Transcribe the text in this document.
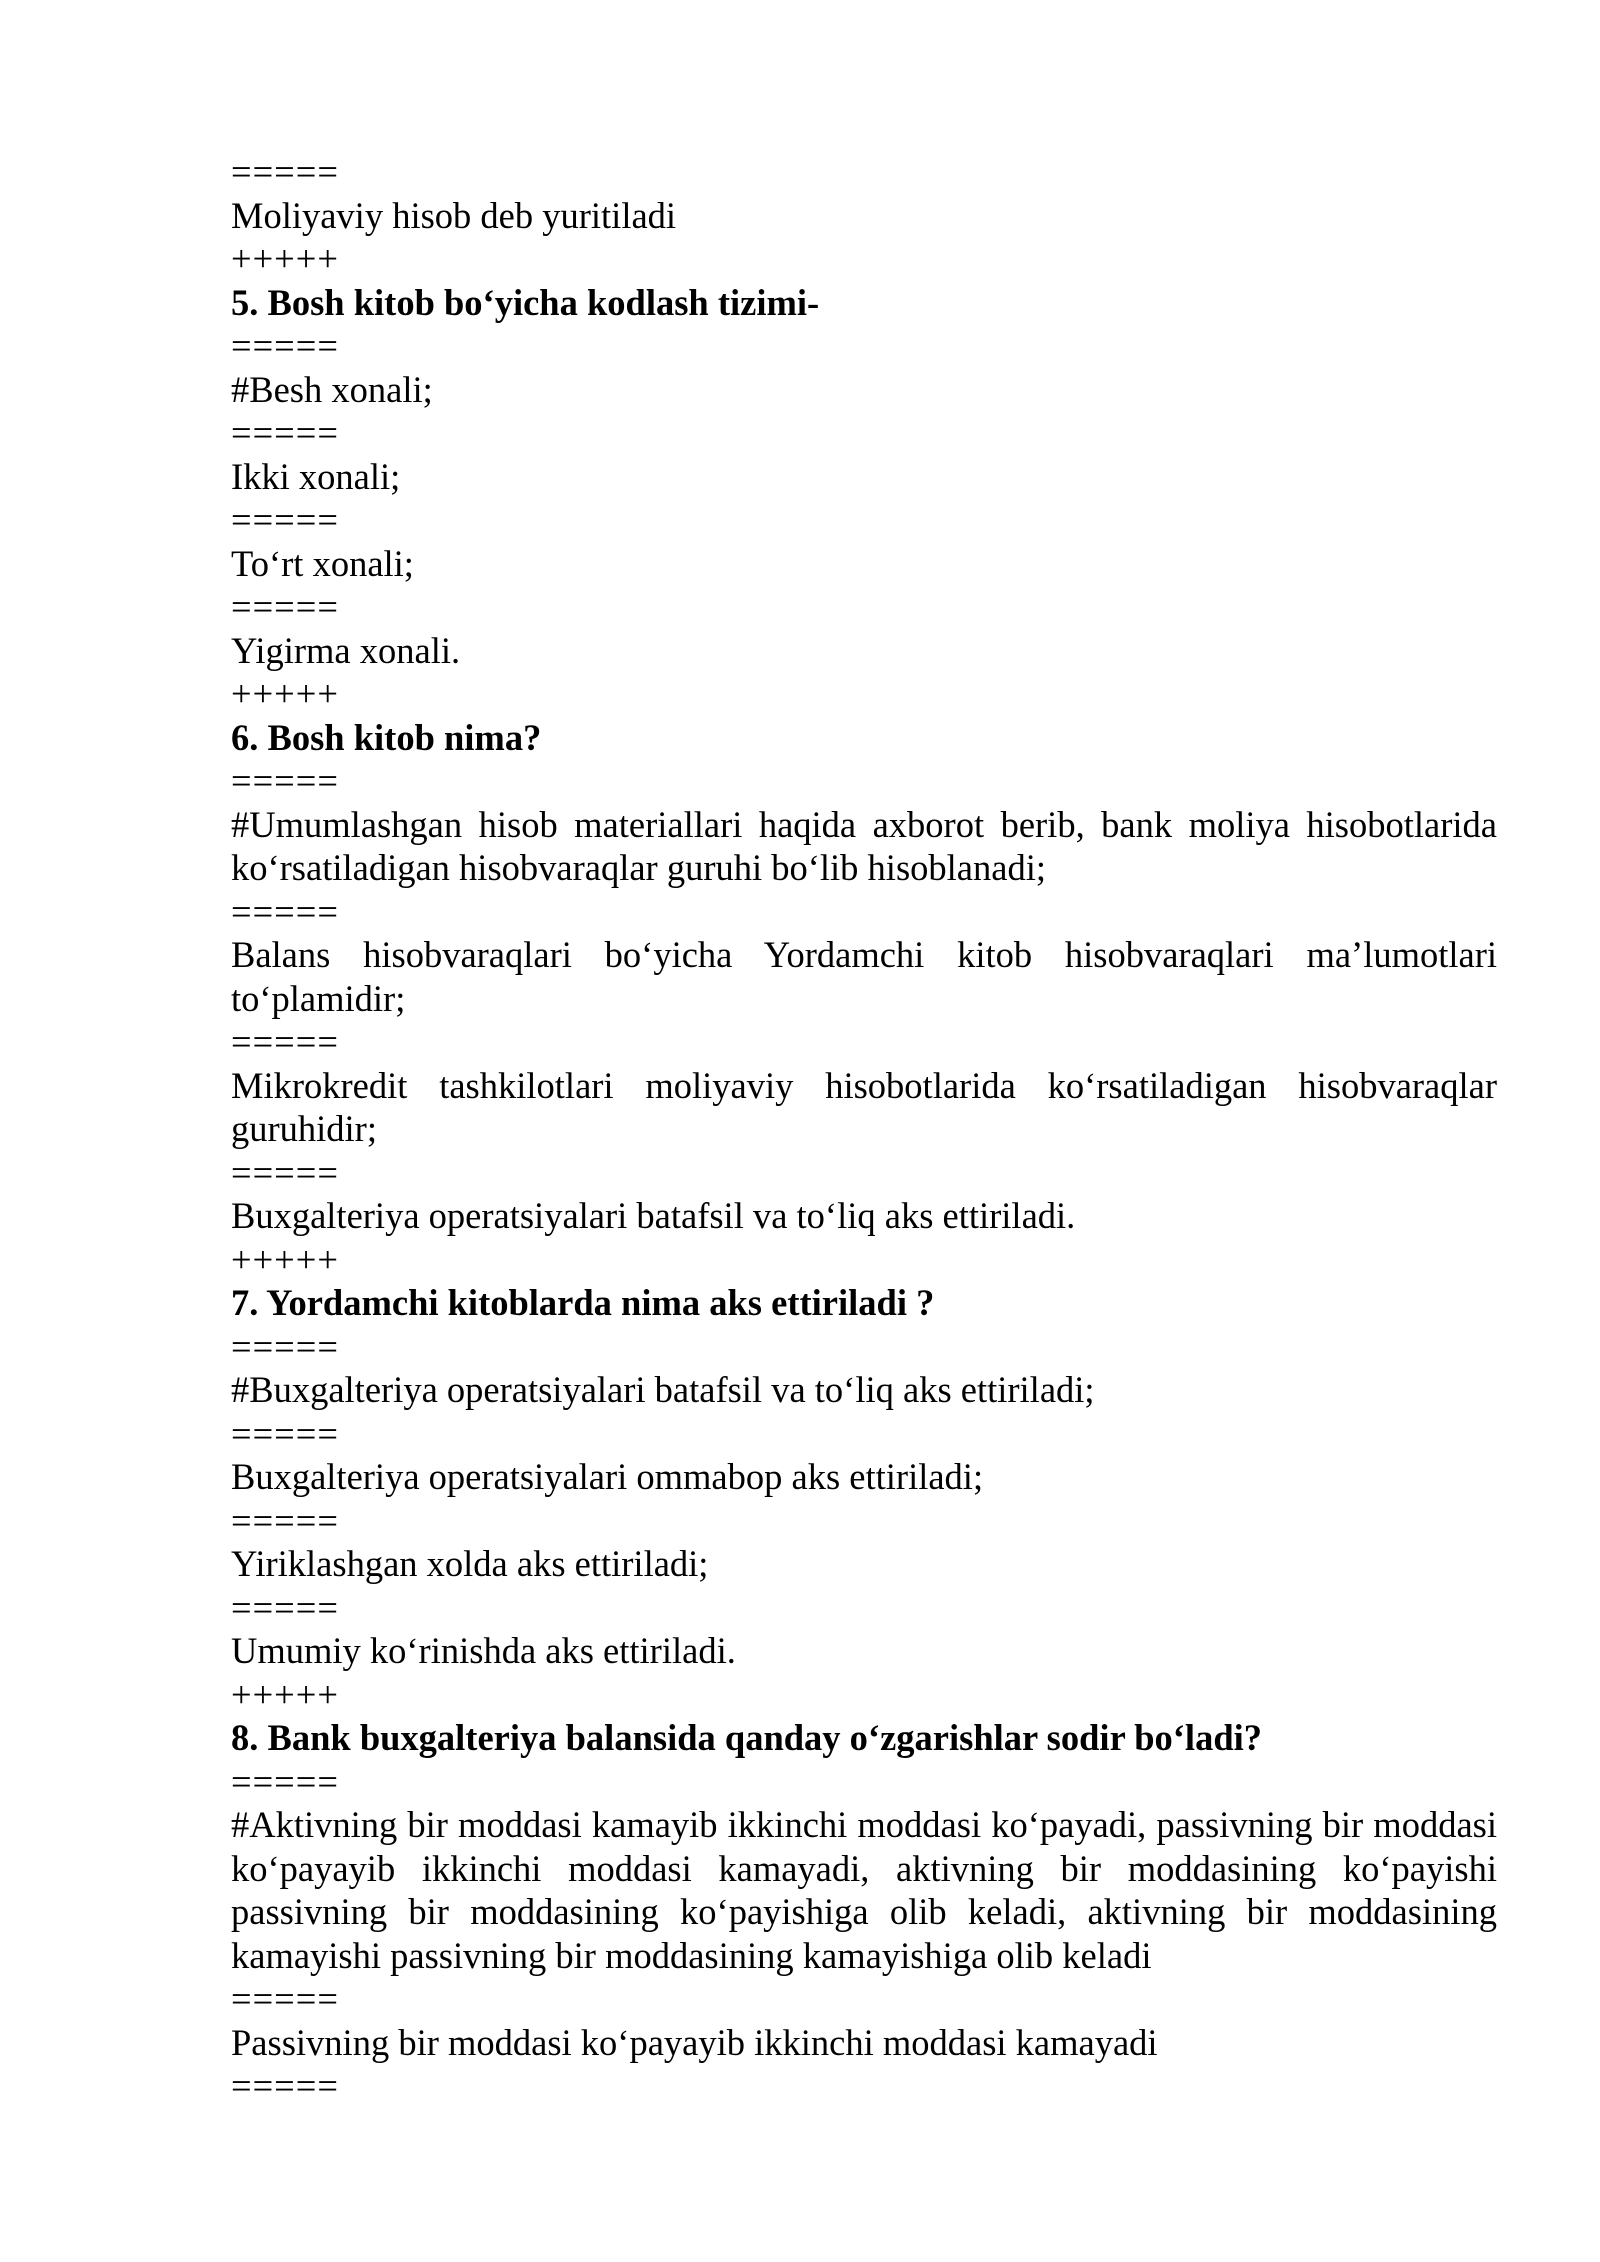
=====
Moliyaviy hisob deb yuritiladi
+++++
5. Bosh kitob bo‘yicha kodlash tizimi-
=====
#Besh xonali;
=====
Ikki xonali;
=====
To‘rt xonali;
=====
Yigirma xonali.
+++++
6. Bosh kitob nima?
=====
#Umumlashgan hisob materiallari haqida axborot berib, bank moliya hisobotlarida ko‘rsatiladigan hisobvaraqlar guruhi bo‘lib hisoblanadi;
=====
Balans hisobvaraqlari bo‘yicha Yordamchi kitob hisobvaraqlari ma’lumotlari to‘plamidir;
=====
Mikrokredit tashkilotlari moliyaviy hisobotlarida ko‘rsatiladigan hisobvaraqlar guruhidir;
=====
Buxgalteriya operatsiyalari batafsil va to‘liq aks ettiriladi.
+++++
7. Yordamchi kitoblarda nima aks ettiriladi ?
=====
#Buxgalteriya operatsiyalari batafsil va to‘liq aks ettiriladi;
=====
Buxgalteriya operatsiyalari ommabop aks ettiriladi;
=====
Yiriklashgan xolda aks ettiriladi;
=====
Umumiy ko‘rinishda aks ettiriladi.
+++++
8. Bank buxgalteriya balansida qanday o‘zgarishlar sodir bo‘ladi?
=====
#Aktivning bir moddasi kamayib ikkinchi moddasi ko‘payadi, passivning bir moddasi ko‘payayib ikkinchi moddasi kamayadi, aktivning bir moddasining ko‘payishi passivning bir moddasining ko‘payishiga olib keladi, aktivning bir moddasining kamayishi passivning bir moddasining kamayishiga olib keladi
=====
Passivning bir moddasi ko‘payayib ikkinchi moddasi kamayadi
=====
